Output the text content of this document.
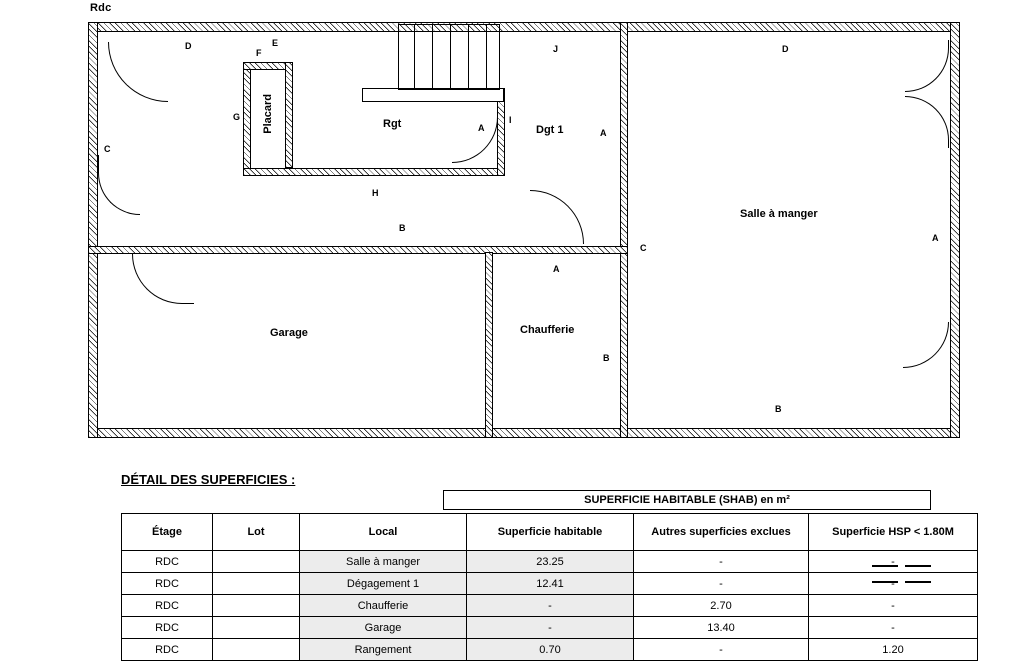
Rdc
Placard	Rgt	Dgt 1
Salle à manger
Garage	Chaufferie
D
F
E
J	D
G
C
A
I
A
H
B
C
A
A
B
B
DÉTAIL DES SUPERFICIES :
SUPERFICIE HABITABLE (SHAB) en m²
Étage	Lot	Local	Superficie habitable	Autres superficies exclues	Superficie HSP < 1.80M
RDC		Salle à manger	23.25	-	-
RDC		Dégagement 1	12.41	-	-
RDC		Chaufferie	-	2.70	-
RDC		Garage	-	13.40	-
RDC		Rangement	0.70	-	1.20
